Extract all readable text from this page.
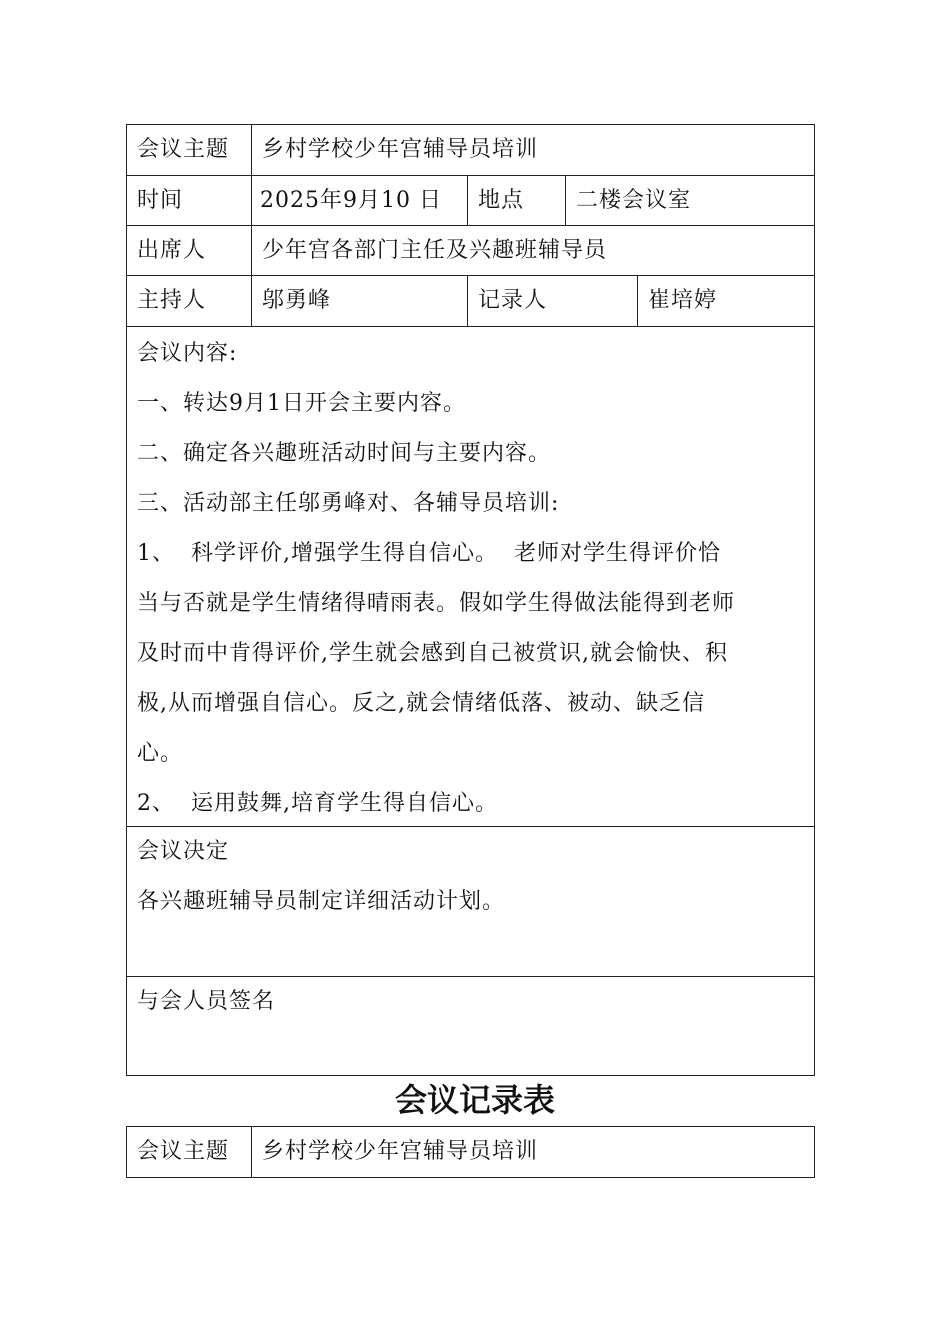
会议主题	乡村学校少年宫辅导员培训
时间	2025年9月10 日	地点	二楼会议室
出席人	少年宫各部门主任及兴趣班辅导员
主持人	邬勇峰	记录人	崔培婷
会议内容:
一、转达9月1日开会主要内容。
二、确定各兴趣班活动时间与主要内容。
三、活动部主任邬勇峰对、各辅导员培训:
1、  科学评价,增强学生得自信心。  老师对学生得评价恰
当与否就是学生情绪得晴雨表。假如学生得做法能得到老师
及时而中肯得评价,学生就会感到自己被赏识,就会愉快、积
极,从而增强自信心。反之,就会情绪低落、被动、缺乏信
心。
2、  运用鼓舞,培育学生得自信心。
会议决定
各兴趣班辅导员制定详细活动计划。
与会人员签名
会议记录表
会议主题	乡村学校少年宫辅导员培训
